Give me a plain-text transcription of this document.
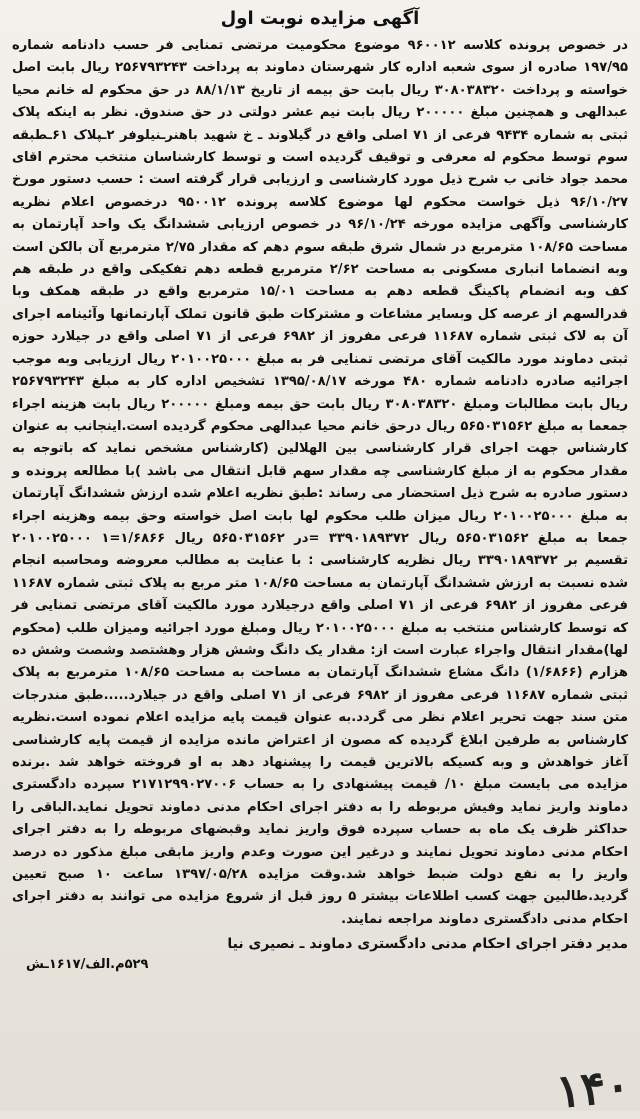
آگهی مزایده نوبت اول

در خصوص پرونده کلاسه ۹۶۰۰۱۲ موضوع محکومیت مرتضی تمنایی فر حسب دادنامه شماره ۱۹۷/۹۵ صادره از سوی شعبه اداره کار شهرستان دماوند به پرداخت ۲۵۶۷۹۳۲۴۳ ریال بابت اصل خواسته و پرداخت ۳۰۸۰۳۸۳۲۰ ریال بابت حق بیمه از تاریخ ۸۸/۱/۱۳ در حق محکوم له خانم محیا عبدالهی و همچنین مبلغ ۲۰۰۰۰۰ ریال بابت نیم عشر دولتی در حق صندوق. نظر به اینکه پلاک ثبتی به شماره ۹۴۳۴ فرعی از ۷۱ اصلی واقع در گیلاوند ـ خ شهید باهنرـنیلوفر ۲ـپلاک ۶۱ـطبقه سوم توسط محکوم له معرفی و توقیف گردیده است و توسط کارشناسان منتخب محترم اقای محمد جواد خانی ب شرح ذیل مورد کارشناسی و ارزیابی قرار گرفته است : حسب دستور مورخ ۹۶/۱۰/۲۷ ذیل خواست محکوم لها موضوع کلاسه پرونده ۹۵۰۰۱۲ درخصوص اعلام نظریه کارشناسی وآگهی مزایده مورخه ۹۶/۱۰/۲۴ در خصوص ارزیابی ششدانگ یک واحد آپارتمان به مساحت ۱۰۸/۶۵ مترمربع در شمال شرق طبقه سوم دهم که مقدار ۲/۷۵ مترمربع آن بالکن است وبه انضماما انباری مسکونی به مساحت ۲/۶۲ مترمربع قطعه دهم تفکیکی واقع در طبقه هم کف وبه انضمام پاکینگ قطعه دهم به مساحت ۱۵/۰۱ مترمربع واقع در طبقه همکف وبا قدرالسهم از عرصه کل وبسایر مشاعات و مشترکات طبق قانون تملک آپارتمانها وآئینامه اجرای آن به لاک ثبتی شماره ۱۱۶۸۷ فرعی مفروز از ۶۹۸۲ فرعی از ۷۱ اصلی واقع در جیلارد حوزه ثبتی دماوند مورد مالکیت آقای مرتضی تمنایی فر به مبلغ ۲۰۱۰۰۲۵۰۰۰ ریال ارزیابی وبه موجب اجرائیه صادره دادنامه شماره ۴۸۰ مورخه ۱۳۹۵/۰۸/۱۷ تشخیص اداره کار به مبلغ ۲۵۶۷۹۳۲۴۳ ریال بابت مطالبات ومبلغ ۳۰۸۰۳۸۳۲۰ ریال بابت حق بیمه ومبلغ ۲۰۰۰۰۰ ریال بابت هزینه اجراء جمعما به مبلغ ۵۶۵۰۳۱۵۶۲ ریال درحق خانم محیا عبدالهی محکوم گردیده است.اینجانب به عنوان کارشناس جهت اجرای قرار کارشناسی بین الهلالین (کارشناس مشخص نماید که باتوجه به مقدار محکوم به از مبلغ کارشناسی چه مقدار سهم قابل انتقال می باشد )با مطالعه پرونده و دستور صادره به شرح ذیل استحضار می رساند :طبق نظریه اعلام شده ارزش ششدانگ آپارتمان به مبلغ ۲۰۱۰۰۲۵۰۰۰ ریال میزان طلب محکوم لها بابت اصل خواسته وحق بیمه وهزینه اجراء جمعا به مبلغ ۵۶۵۰۳۱۵۶۲ ریال ۳۳۹۰۱۸۹۳۷۲ =در ۵۶۵۰۳۱۵۶۲ ریال ۱/۶۸۶۶=۱ ۲۰۱۰۰۲۵۰۰۰ تقسیم بر ۳۳۹۰۱۸۹۳۷۲ ریال نظریه کارشناسی : با عنایت به مطالب معروضه ومحاسبه انجام شده نسبت به ارزش ششدانگ آپارتمان به مساحت ۱۰۸/۶۵ متر مربع به پلاک ثبتی شماره ۱۱۶۸۷ فرعی مفروز از ۶۹۸۲ فرعی از ۷۱ اصلی واقع درجیلارد مورد مالکیت آقای مرتضی تمنایی فر که توسط کارشناس منتخب به مبلغ ۲۰۱۰۰۲۵۰۰۰ ریال ومبلغ مورد اجرائیه ومیزان طلب (محکوم لها)مقدار انتقال واجراء عبارت است از: مقدار یک دانگ وشش هزار وهشتصد وشصت وشش ده هزارم (۱/۶۸۶۶) دانگ مشاع ششدانگ آپارتمان به مساحت به مساحت ۱۰۸/۶۵ مترمربع به پلاک ثبتی شماره ۱۱۶۸۷ فرعی مفروز از ۶۹۸۲ فرعی از ۷۱ اصلی واقع در جیلارد.....طبق مندرجات متن سند جهت تحریر اعلام نظر می گردد.به عنوان قیمت پایه مزایده اعلام نموده است.نظریه کارشناس به طرفین ابلاغ گردیده که مصون از اعتراض مانده مزایده از قیمت پایه کارشناسی آغاز خواهدش و وبه کسیکه بالاترین قیمت را پیشنهاد دهد به او فروخته خواهد شد .برنده مزایده می بایست مبلغ ۱۰/ قیمت پیشنهادی را به حساب ۲۱۷۱۲۹۹۰۲۷۰۰۶ سپرده دادگستری دماوند واریز نماید وفیش مربوطه را به دفتر اجرای احکام مدنی دماوند تحویل نماید.الباقی را حداکثر ظرف یک ماه به حساب سپرده فوق واریز نماید وقبضهای مربوطه را به دفتر اجرای احکام مدنی دماوند تحویل نمایند و درغیر این صورت وعدم واریز مابقی مبلغ مذکور ده درصد واریز را به نفع دولت ضبط خواهد شد.وقت مزایده ۱۳۹۷/۰۵/۲۸ ساعت ۱۰ صبح تعیین گردید.طالبین جهت کسب اطلاعات بیشتر ۵ روز قبل از شروع مزایده می توانند به دفتر اجرای احکام مدنی دادگستری دماوند مراجعه نمایند.

مدیر دفتر اجرای احکام مدنی دادگستری دماوند ـ نصیری نیا
۵۲۹م.الف/۱۶۱۷ـش
۱۴۰
